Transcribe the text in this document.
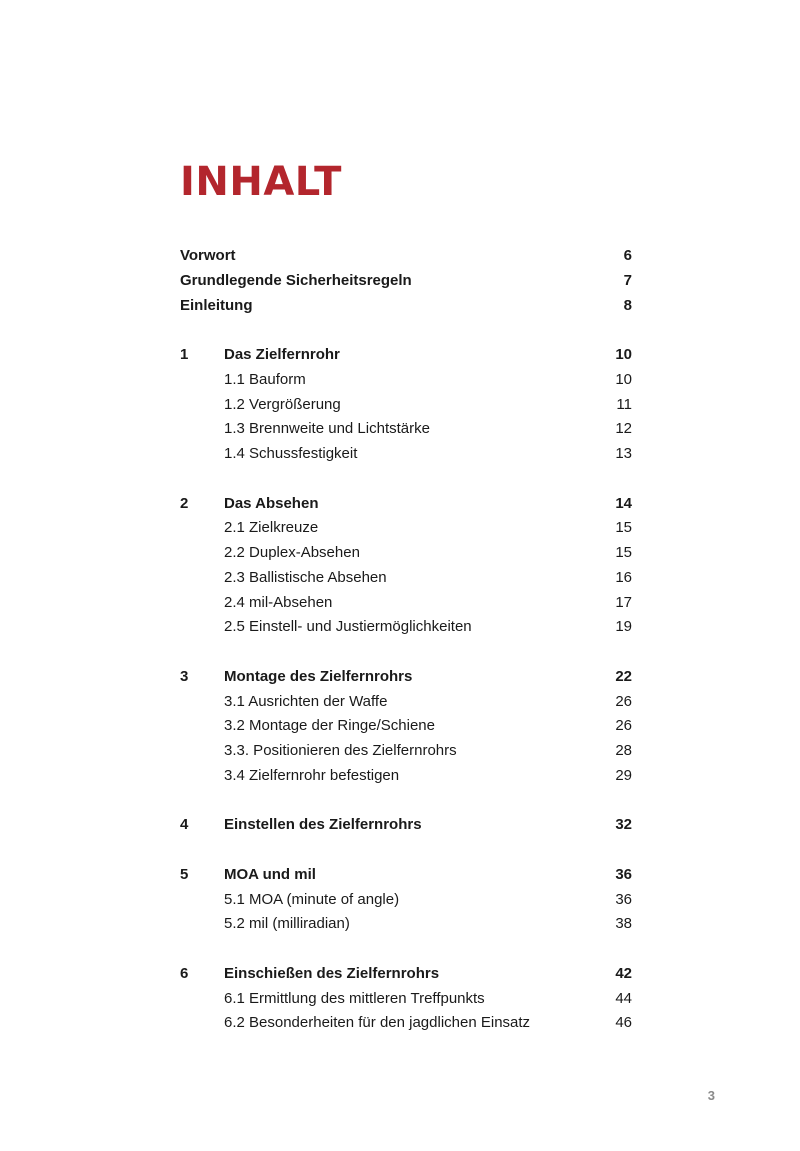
INHALT
Vorwort	6
Grundlegende Sicherheitsregeln	7
Einleitung	8
1 Das Zielfernrohr	10
1.1 Bauform	10
1.2 Vergrößerung	11
1.3 Brennweite und Lichtstärke	12
1.4 Schussfestigkeit	13
2 Das Absehen	14
2.1 Zielkreuze	15
2.2 Duplex-Absehen	15
2.3 Ballistische Absehen	16
2.4 mil-Absehen	17
2.5 Einstell- und Justiermöglichkeiten	19
3 Montage des Zielfernrohrs	22
3.1 Ausrichten der Waffe	26
3.2 Montage der Ringe/Schiene	26
3.3. Positionieren des Zielfernrohrs	28
3.4 Zielfernrohr befestigen	29
4 Einstellen des Zielfernrohrs	32
5 MOA und mil	36
5.1 MOA (minute of angle)	36
5.2 mil (milliradian)	38
6 Einschießen des Zielfernrohrs	42
6.1 Ermittlung des mittleren Treffpunkts	44
6.2 Besonderheiten für den jagdlichen Einsatz	46
3
